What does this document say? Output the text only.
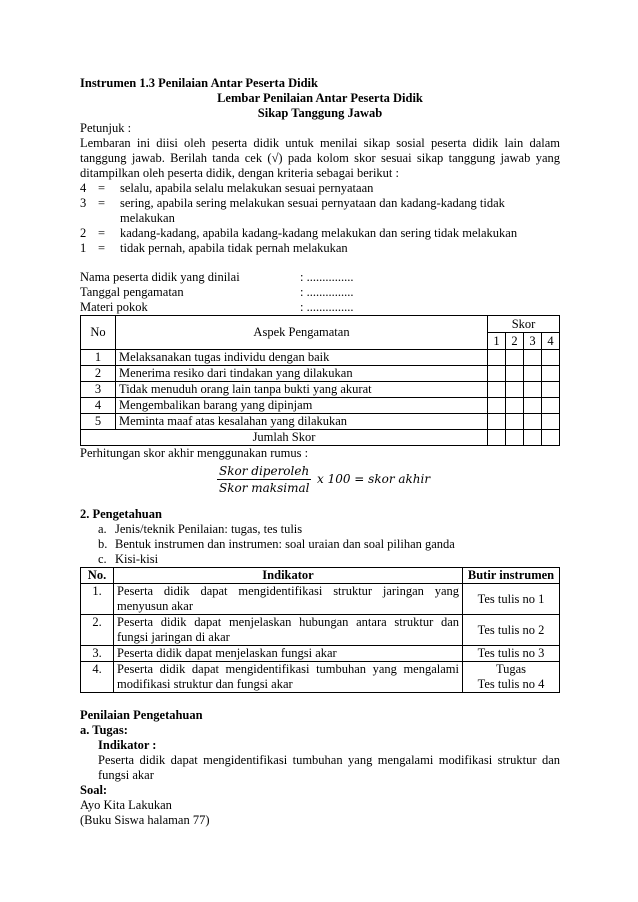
Instrumen 1.3 Penilaian Antar Peserta Didik
Lembar Penilaian Antar Peserta Didik
Sikap Tanggung Jawab
Petunjuk :
Lembaran ini diisi oleh peserta didik untuk menilai sikap sosial peserta didik lain dalam tanggung jawab. Berilah tanda cek (√) pada kolom skor sesuai sikap tanggung jawab yang ditampilkan oleh peserta didik, dengan kriteria sebagai berikut :
4 =	selalu, apabila selalu melakukan sesuai pernyataan
3 =	sering, apabila sering melakukan sesuai pernyataan dan kadang-kadang tidak melakukan
2 =	kadang-kadang, apabila kadang-kadang melakukan dan sering tidak melakukan
1 =	tidak pernah, apabila tidak pernah melakukan
Nama peserta didik yang dinilai	: ...............
Tanggal pengamatan	: ...............
Materi pokok	: ...............
No	Aspek Pengamatan	Skor			
		1	2	3	4
1	Melaksanakan tugas individu dengan baik				
2	Menerima resiko dari tindakan yang dilakukan				
3	Tidak menuduh orang lain tanpa bukti yang akurat				
4	Mengembalikan barang yang dipinjam				
5	Meminta maaf atas kesalahan yang dilakukan				
Jumlah Skor					
Perhitungan skor akhir menggunakan rumus :
Skor diperoleh
Skor maksimal
x 100 = skor akhir
2. Pengetahuan
a. Jenis/teknik Penilaian: tugas, tes tulis
b. Bentuk instrumen dan instrumen: soal uraian dan soal pilihan ganda
c. Kisi-kisi
No.	Indikator	Butir instrumen
1.	Peserta didik dapat mengidentifikasi struktur jaringan yang menyusun akar	Tes tulis no 1
2.	Peserta didik dapat menjelaskan hubungan antara struktur dan fungsi jaringan di akar	Tes tulis no 2
3.	Peserta didik dapat menjelaskan fungsi akar	Tes tulis no 3
4.	Peserta didik dapat mengidentifikasi tumbuhan yang mengalami modifikasi struktur dan fungsi akar	Tugas
Tes tulis no 4
Penilaian Pengetahuan
a. Tugas:
Indikator :
Peserta didik dapat mengidentifikasi tumbuhan yang mengalami modifikasi struktur dan fungsi akar
Soal:
Ayo Kita Lakukan
(Buku Siswa halaman 77)
